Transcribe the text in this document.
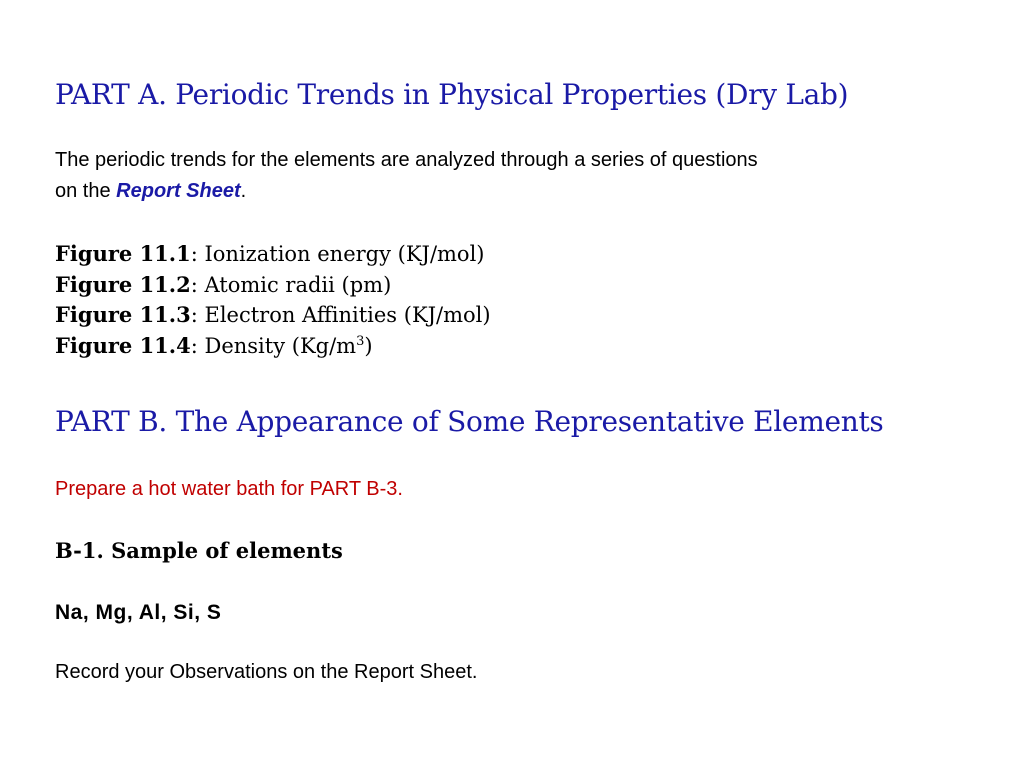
PART A. Periodic Trends in Physical Properties (Dry Lab)

The periodic trends for the elements are analyzed through a series of questions

on the Report Sheet.

Figure 11.1: Ionization energy (KJ/mol)

Figure 11.2: Atomic radii (pm)

Figure 11.3: Electron Affinities (KJ/mol)

Figure 11.4: Density $(Kg/m^3)$

PART B. The Appearance of Some Representative Elements

Prepare a hot water bath for PART B-3.

B-1. Sample of elements

Na, Mg, Al, Si, S

Record your Observations on the Report Sheet.
